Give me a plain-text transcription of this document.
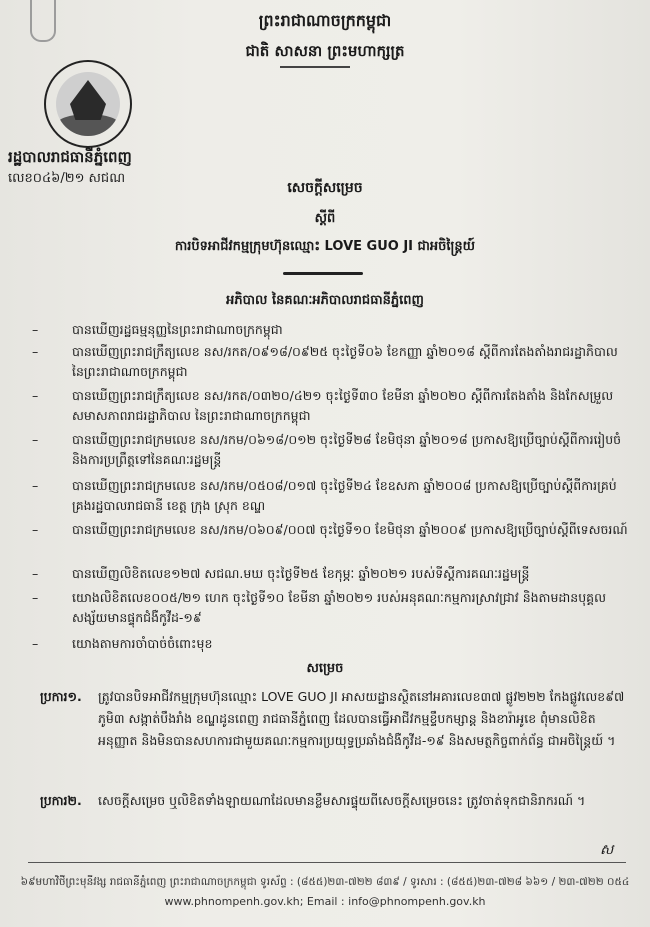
ព្រះរាជាណាចក្រកម្ពុជា
ជាតិ សាសនា ព្រះមហាក្សត្រ
រដ្ឋបាលរាជធានីភ្នំពេញ
លេខ០៤៦/២១ សជណ
សេចក្តីសម្រេច
ស្តីពី
ការបិទអាជីវកម្មក្រុមហ៊ុនឈ្មោះ LOVE GUO JI ជាអចិន្ត្រៃយ៍
អភិបាល នៃគណៈអភិបាលរាជធានីភ្នំពេញ
–	បានឃើញរដ្ឋធម្មនុញ្ញនៃព្រះរាជាណាចក្រកម្ពុជា
–	បានឃើញព្រះរាជក្រឹត្យលេខ នស/រកត/០៩១៨/០៩២៥ ចុះថ្ងៃទី០៦ ខែកញ្ញា ឆ្នាំ២០១៨ ស្តីពីការតែងតាំងរាជរដ្ឋាភិបាល នៃព្រះរាជាណាចក្រកម្ពុជា
–	បានឃើញព្រះរាជក្រឹត្យលេខ នស/រកត/០៣២០/៤២១ ចុះថ្ងៃទី៣០ ខែមីនា ឆ្នាំ២០២០ ស្តីពីការតែងតាំង និងកែសម្រួលសមាសភាពរាជរដ្ឋាភិបាល នៃព្រះរាជាណាចក្រកម្ពុជា
–	បានឃើញព្រះរាជក្រមលេខ នស/រកម/០៦១៨/០១២ ចុះថ្ងៃទី២៨ ខែមិថុនា ឆ្នាំ២០១៨ ប្រកាសឱ្យប្រើច្បាប់ស្តីពីការរៀបចំ និងការប្រព្រឹត្តទៅនៃគណៈរដ្ឋមន្ត្រី
–	បានឃើញព្រះរាជក្រមលេខ នស/រកម/០៥០៨/០១៧ ចុះថ្ងៃទី២៤ ខែឧសភា ឆ្នាំ២០០៨ ប្រកាសឱ្យប្រើច្បាប់ស្តីពីការគ្រប់គ្រងរដ្ឋបាលរាជធានី ខេត្ត ក្រុង ស្រុក ខណ្ឌ
–	បានឃើញព្រះរាជក្រមលេខ នស/រកម/០៦០៩/០០៧ ចុះថ្ងៃទី១០ ខែមិថុនា ឆ្នាំ២០០៩ ប្រកាសឱ្យប្រើច្បាប់ស្តីពីទេសចរណ៍
–	បានឃើញលិខិតលេខ១២៧ សជណ.មឃ ចុះថ្ងៃទី២៥ ខែកុម្ភៈ ឆ្នាំ២០២១ របស់ទីស្តីការគណៈរដ្ឋមន្ត្រី
–	យោងលិខិតលេខ០០៥/២១ ហេក ចុះថ្ងៃទី១០ ខែមីនា ឆ្នាំ២០២១ របស់អនុគណៈកម្មការស្រាវជ្រាវ និងតាមដានបុគ្គលសង្ស័យមានផ្ទុកជំងឺកូវីដ-១៩
–	យោងតាមការចាំបាច់ចំពោះមុខ
សម្រេច
ប្រការ១. ត្រូវបានបិទអាជីវកម្មក្រុមហ៊ុនឈ្មោះ LOVE GUO JI អាសយដ្ឋានស្ថិតនៅអគារលេខ៣៧ ផ្លូវ២២២ កែងផ្លូវលេខ៩៧ ភូមិ៣ សង្កាត់បឹងរាំង ខណ្ឌដូនពេញ រាជធានីភ្នំពេញ ដែលបានធ្វើអាជីវកម្មខ្ទឹបកម្សាន្ត និងខារ៉ាអូខេ ពុំមានលិខិតអនុញ្ញាត និងមិនបានសហការជាមួយគណៈកម្មការប្រយុទ្ធប្រឆាំងជំងឺកូវីដ-១៩ និងសមត្ថកិច្ចពាក់ព័ន្ធ ជាអចិន្ត្រៃយ៍ ។
ប្រការ២. សេចក្តីសម្រេច ឬលិខិតទាំងឡាយណាដែលមានខ្លឹមសារផ្ទុយពីសេចក្តីសម្រេចនេះ ត្រូវចាត់ទុកជានិរាករណ៍ ។
ស
៦៩មហាវិថីព្រះមុនីវង្ស រាជធានីភ្នំពេញ ព្រះរាជាណាចក្រកម្ពុជា ទូរស័ព្ទ : (៨៥៥)២៣-៧២២ ៨៣៩ / ទូរសារ : (៨៥៥)២៣-៧២៨ ៦៦១ / ២៣-៧២២ ០៥៤
www.phnompenh.gov.kh; Email : info@phnompenh.gov.kh
